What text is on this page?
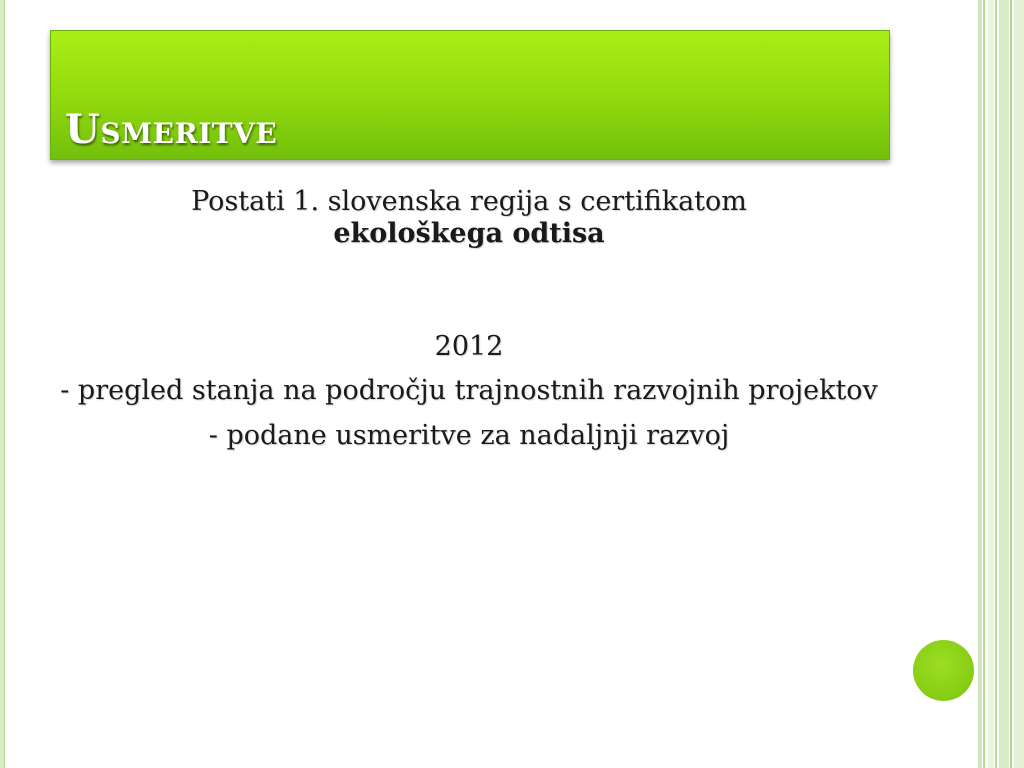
Usmeritve

Postati 1. slovenska regija s certifikatom

ekološkega odtisa

2012

- pregled stanja na področju trajnostnih razvojnih projektov

- podane usmeritve za nadaljnji razvoj
